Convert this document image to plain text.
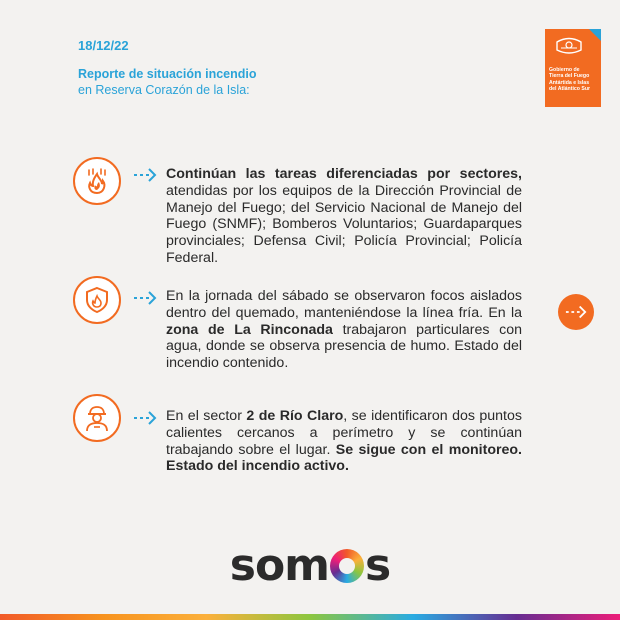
18/12/22
Reporte de situación incendio
en Reserva Corazón de la Isla:
Gobierno de
Tierra del Fuego
Antártida e Islas
del Atlántico Sur
Continúan las tareas diferenciadas por sectores, atendidas por los equipos de la Dirección Provincial de Manejo del Fuego; del Servicio Nacional de Manejo del Fuego (SNMF); Bomberos Voluntarios; Guardaparques provinciales; Defensa Civil; Policía Provincial; Policía Federal.
En la jornada del sábado se observaron focos aislados dentro del quemado, manteniéndose la línea fría. En la zona de La Rinconada trabajaron particulares con agua, donde se observa presencia de humo. Estado del incendio contenido.
En el sector 2 de Río Claro, se identificaron dos puntos calientes cercanos a perímetro y se continúan trabajando sobre el lugar. Se sigue con el monitoreo. Estado del incendio activo.
som s
